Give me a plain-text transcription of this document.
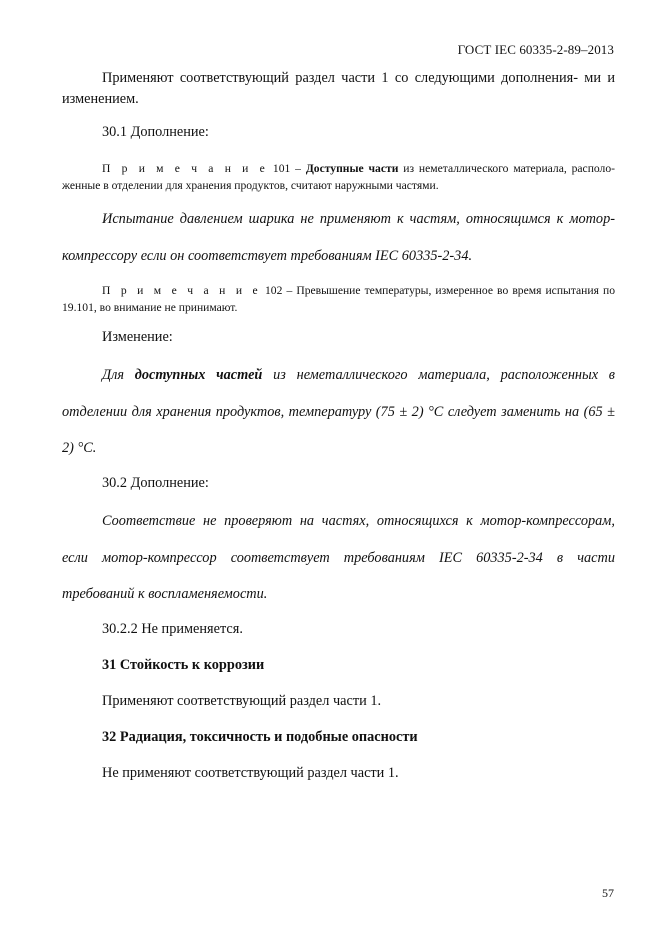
ГОСТ IEC 60335-2-89–2013
Применяют соответствующий раздел части 1 со следующими дополнения- ми и изменением.
30.1 Дополнение:
П р и м е ч а н и е 101 – Доступные части из неметаллического материала, располо- женные в отделении для хранения продуктов, считают наружными частями.
Испытание давлением шарика не применяют к частям, относящимся к мотор-компрессору если он соответствует требованиям IEC 60335-2-34.
П р и м е ч а н и е 102 – Превышение температуры, измеренное во время испытания по 19.101, во внимание не принимают.
Изменение:
Для доступных частей из неметаллического материала, расположенных в отделении для хранения продуктов, температуру (75 ± 2) °С следует заменить на (65 ± 2) °С.
30.2 Дополнение:
Соответствие не проверяют на частях, относящихся к мотор-компрессорам, если мотор-компрессор соответствует требованиям IEC 60335-2-34 в части требований к воспламеняемости.
30.2.2 Не применяется.
31 Стойкость к коррозии
Применяют соответствующий раздел части 1.
32 Радиация, токсичность и подобные опасности
Не применяют соответствующий раздел части 1.
57
